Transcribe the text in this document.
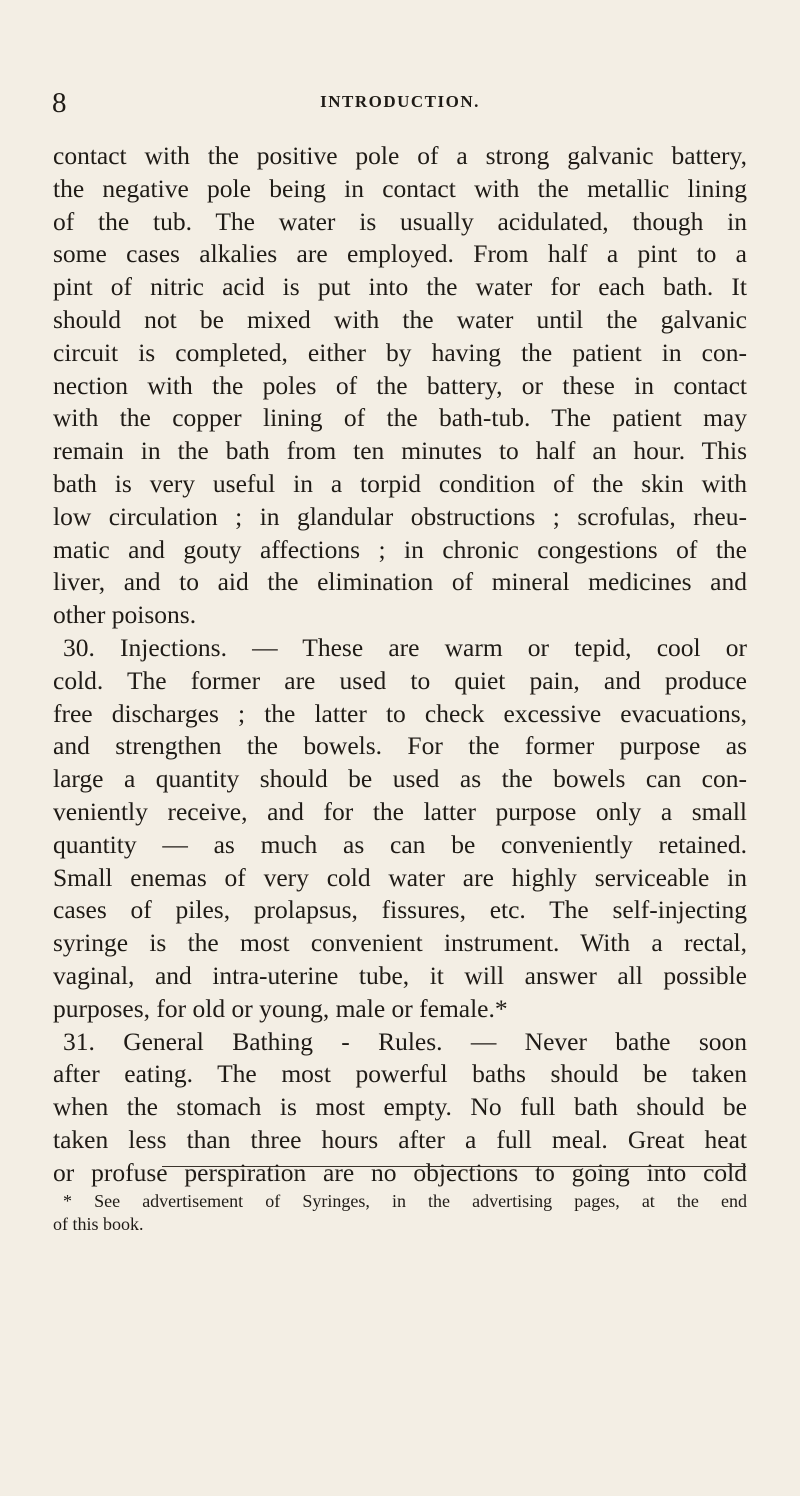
8	INTRODUCTION.
contact with the positive pole of a strong galvanic battery,
the negative pole being in contact with the metallic lining
of the tub. The water is usually acidulated, though in
some cases alkalies are employed. From half a pint to a
pint of nitric acid is put into the water for each bath. It
should not be mixed with the water until the galvanic
circuit is completed, either by having the patient in con-
nection with the poles of the battery, or these in contact
with the copper lining of the bath-tub. The patient may
remain in the bath from ten minutes to half an hour. This
bath is very useful in a torpid condition of the skin with
low circulation ; in glandular obstructions ; scrofulas, rheu-
matic and gouty affections ; in chronic congestions of the
liver, and to aid the elimination of mineral medicines and
other poisons.
30. Injections. — These are warm or tepid, cool or
cold. The former are used to quiet pain, and produce
free discharges ; the latter to check excessive evacuations,
and strengthen the bowels. For the former purpose as
large a quantity should be used as the bowels can con-
veniently receive, and for the latter purpose only a small
quantity — as much as can be conveniently retained.
Small enemas of very cold water are highly serviceable in
cases of piles, prolapsus, fissures, etc. The self-injecting
syringe is the most convenient instrument. With a rectal,
vaginal, and intra-uterine tube, it will answer all possible
purposes, for old or young, male or female.*
31. General Bathing - Rules. — Never bathe soon
after eating. The most powerful baths should be taken
when the stomach is most empty. No full bath should be
taken less than three hours after a full meal. Great heat
or profuse perspiration are no objections to going into cold
* See advertisement of Syringes, in the advertising pages, at the end
of this book.
